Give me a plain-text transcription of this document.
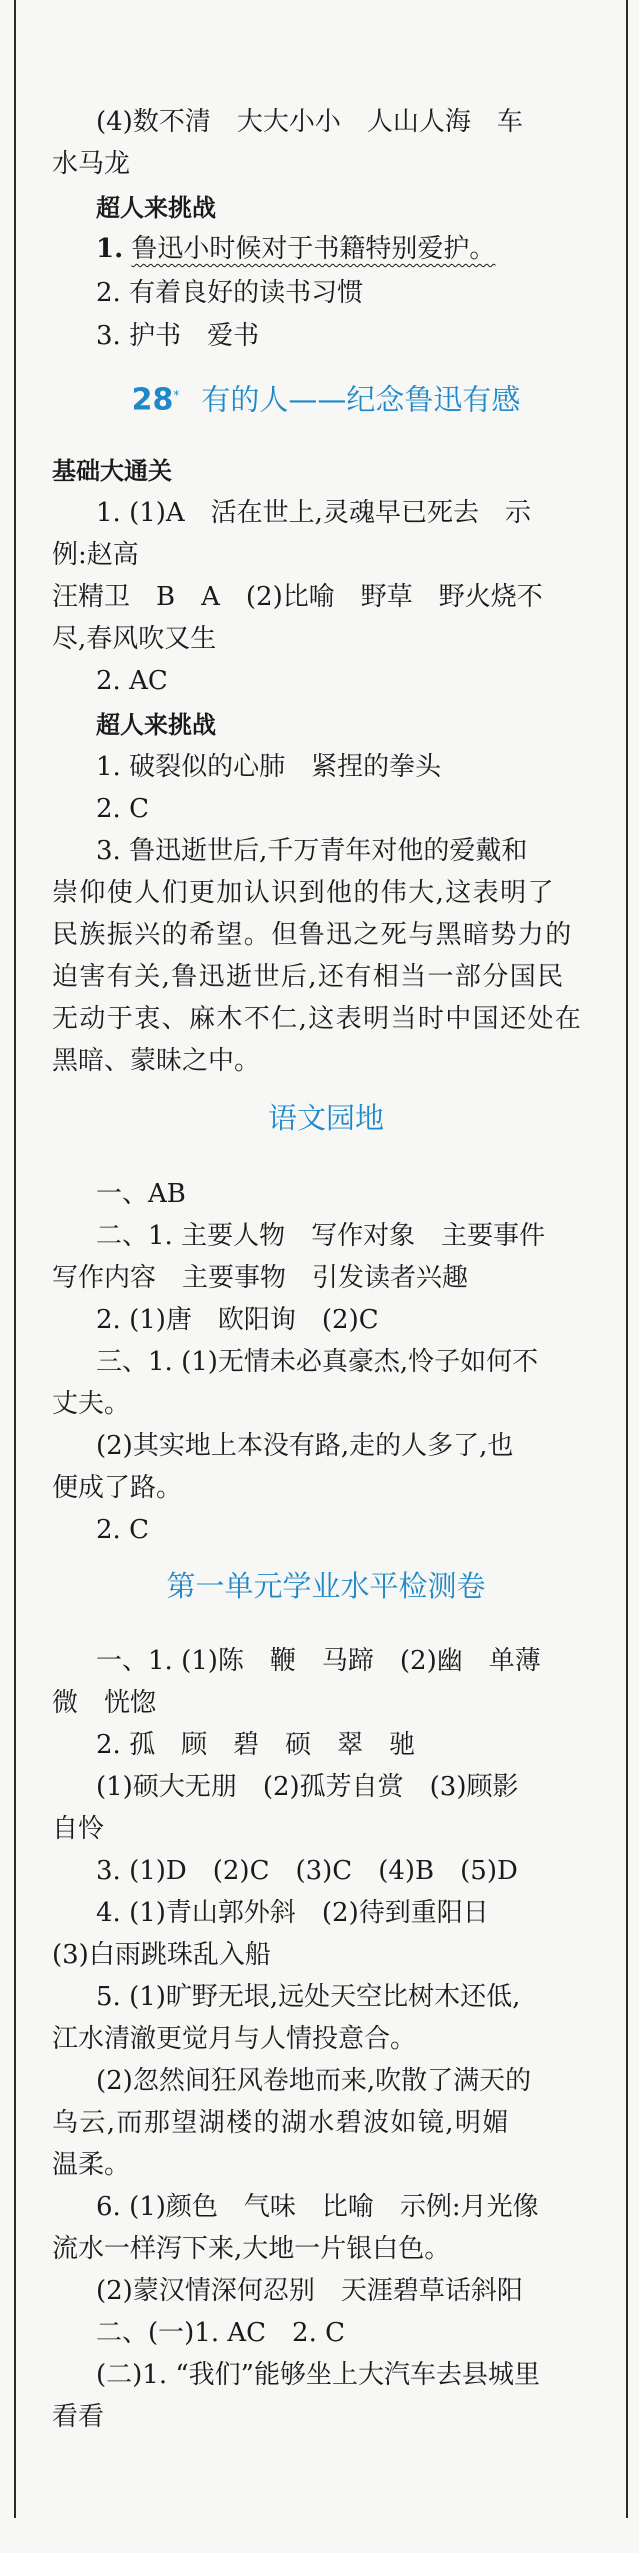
(4)数不清　大大小小　人山人海　车
水马龙
超人来挑战
1. 鲁迅小时候对于书籍特别爱护。
2. 有着良好的读书习惯
3. 护书　爱书
28* 有的人——纪念鲁迅有感
基础大通关
1. (1)A　活在世上,灵魂早已死去　示
例:赵高
汪精卫　B　A　(2)比喻　野草　野火烧不
尽,春风吹又生
2. AC
超人来挑战
1. 破裂似的心肺　紧捏的拳头
2. C
3. 鲁迅逝世后,千万青年对他的爱戴和
崇仰使人们更加认识到他的伟大,这表明了
民族振兴的希望。但鲁迅之死与黑暗势力的
迫害有关,鲁迅逝世后,还有相当一部分国民
无动于衷、麻木不仁,这表明当时中国还处在
黑暗、蒙昧之中。
语文园地
一、AB
二、1. 主要人物　写作对象　主要事件
写作内容　主要事物　引发读者兴趣
2. (1)唐　欧阳询　(2)C
三、1. (1)无情未必真豪杰,怜子如何不
丈夫。
(2)其实地上本没有路,走的人多了,也
便成了路。
2. C
第一单元学业水平检测卷
一、1. (1)陈　鞭　马蹄　(2)幽　单薄
微　恍惚
2. 孤　顾　碧　硕　翠　驰
(1)硕大无朋　(2)孤芳自赏　(3)顾影
自怜
3. (1)D　(2)C　(3)C　(4)B　(5)D
4. (1)青山郭外斜　(2)待到重阳日
(3)白雨跳珠乱入船
5. (1)旷野无垠,远处天空比树木还低,
江水清澈更觉月与人情投意合。
(2)忽然间狂风卷地而来,吹散了满天的
乌云,而那望湖楼的湖水碧波如镜,明媚
温柔。
6. (1)颜色　气味　比喻　示例:月光像
流水一样泻下来,大地一片银白色。
(2)蒙汉情深何忍别　天涯碧草话斜阳
二、(一)1. AC　2. C
(二)1. “我们”能够坐上大汽车去县城里
看看
